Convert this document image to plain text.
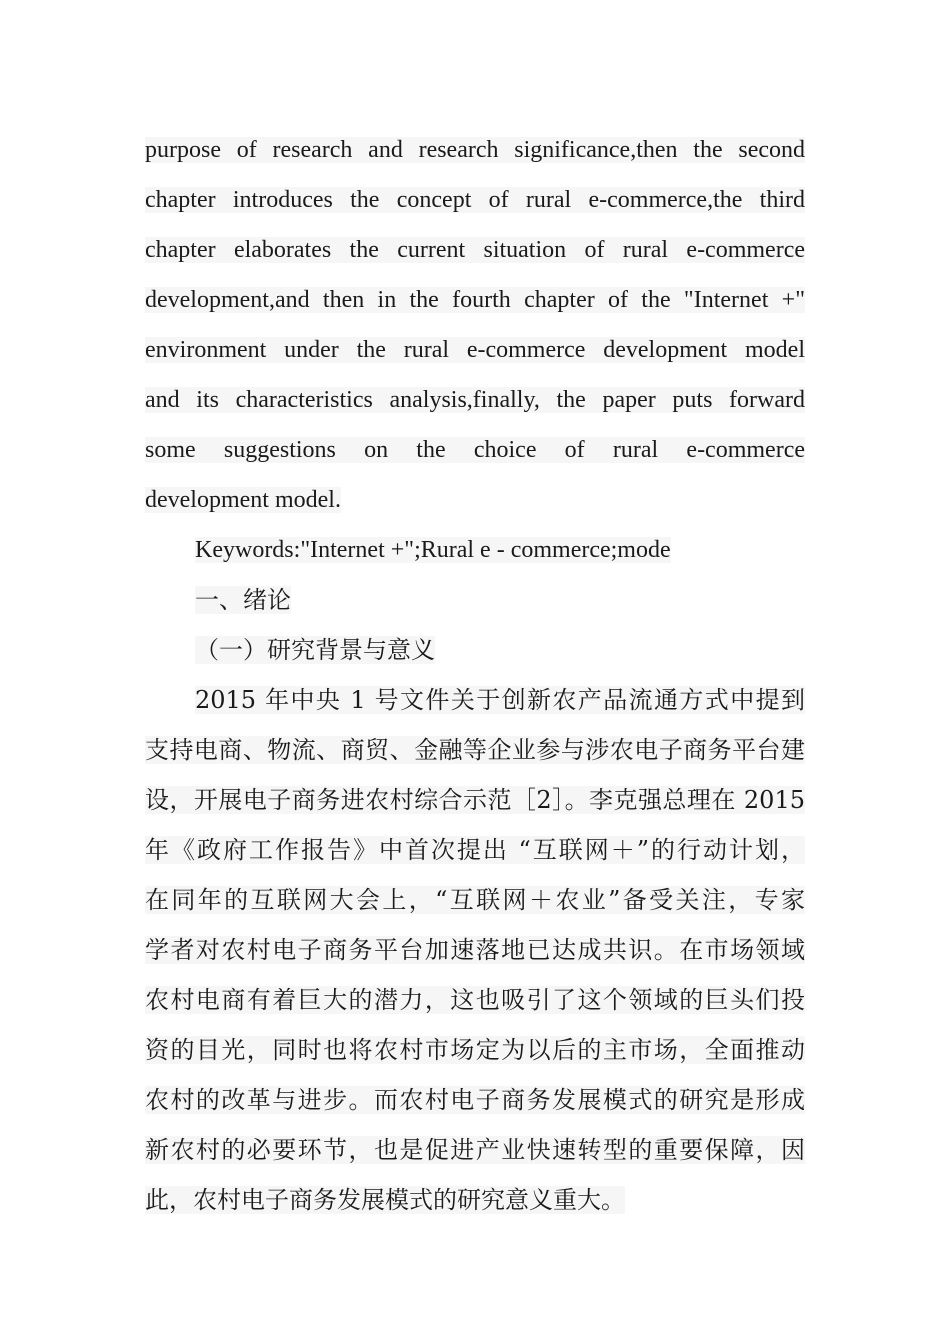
purpose of research and research significance,then the second
chapter introduces the concept of rural e-commerce,the third
chapter elaborates the current situation of rural e-commerce
development,and then in the fourth chapter of the "Internet +"
environment under the rural e-commerce development model
and its characteristics analysis,finally, the paper puts forward
some suggestions on the choice of rural e-commerce
development model.
Keywords:"Internet +";Rural e - commerce;mode
一、绪论
（一）研究背景与意义
2015 年中央 1 号文件关于创新农产品流通方式中提到
支持电商、物流、商贸、金融等企业参与涉农电子商务平台建
设，开展电子商务进农村综合示范［2］。李克强总理在 2015
年《政府工作报告》中首次提出 “互联网＋”的行动计划，
在同年的互联网大会上，“互联网＋农业”备受关注，专家
学者对农村电子商务平台加速落地已达成共识。在市场领域
农村电商有着巨大的潜力，这也吸引了这个领域的巨头们投
资的目光，同时也将农村市场定为以后的主市场，全面推动
农村的改革与进步。而农村电子商务发展模式的研究是形成
新农村的必要环节，也是促进产业快速转型的重要保障，因
此，农村电子商务发展模式的研究意义重大。
